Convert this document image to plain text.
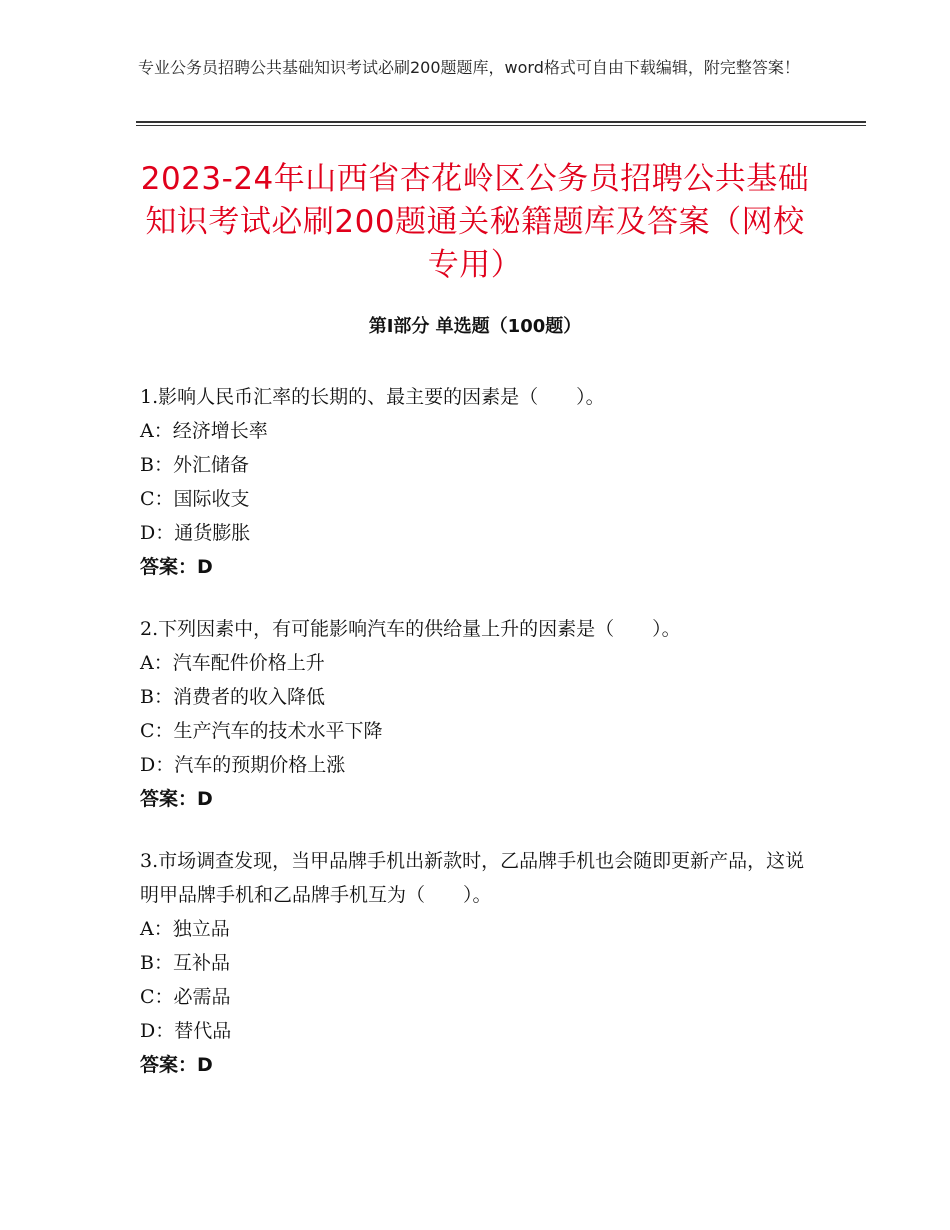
专业公务员招聘公共基础知识考试必刷200题题库，word格式可自由下载编辑，附完整答案！
2023-24年山西省杏花岭区公务员招聘公共基础知识考试必刷200题通关秘籍题库及答案（网校专用）
第Ⅰ部分 单选题（100题）

1.影响人民币汇率的长期的、最主要的因素是（　　）。

A：经济增长率

B：外汇储备

C：国际收支

D：通货膨胀

答案：D

2.下列因素中，有可能影响汽车的供给量上升的因素是（　　）。

A：汽车配件价格上升

B：消费者的收入降低

C：生产汽车的技术水平下降

D：汽车的预期价格上涨

答案：D

3.市场调查发现，当甲品牌手机出新款时，乙品牌手机也会随即更新产品，这说明甲品牌手机和乙品牌手机互为（　　）。

A：独立品

B：互补品

C：必需品

D：替代品

答案：D
